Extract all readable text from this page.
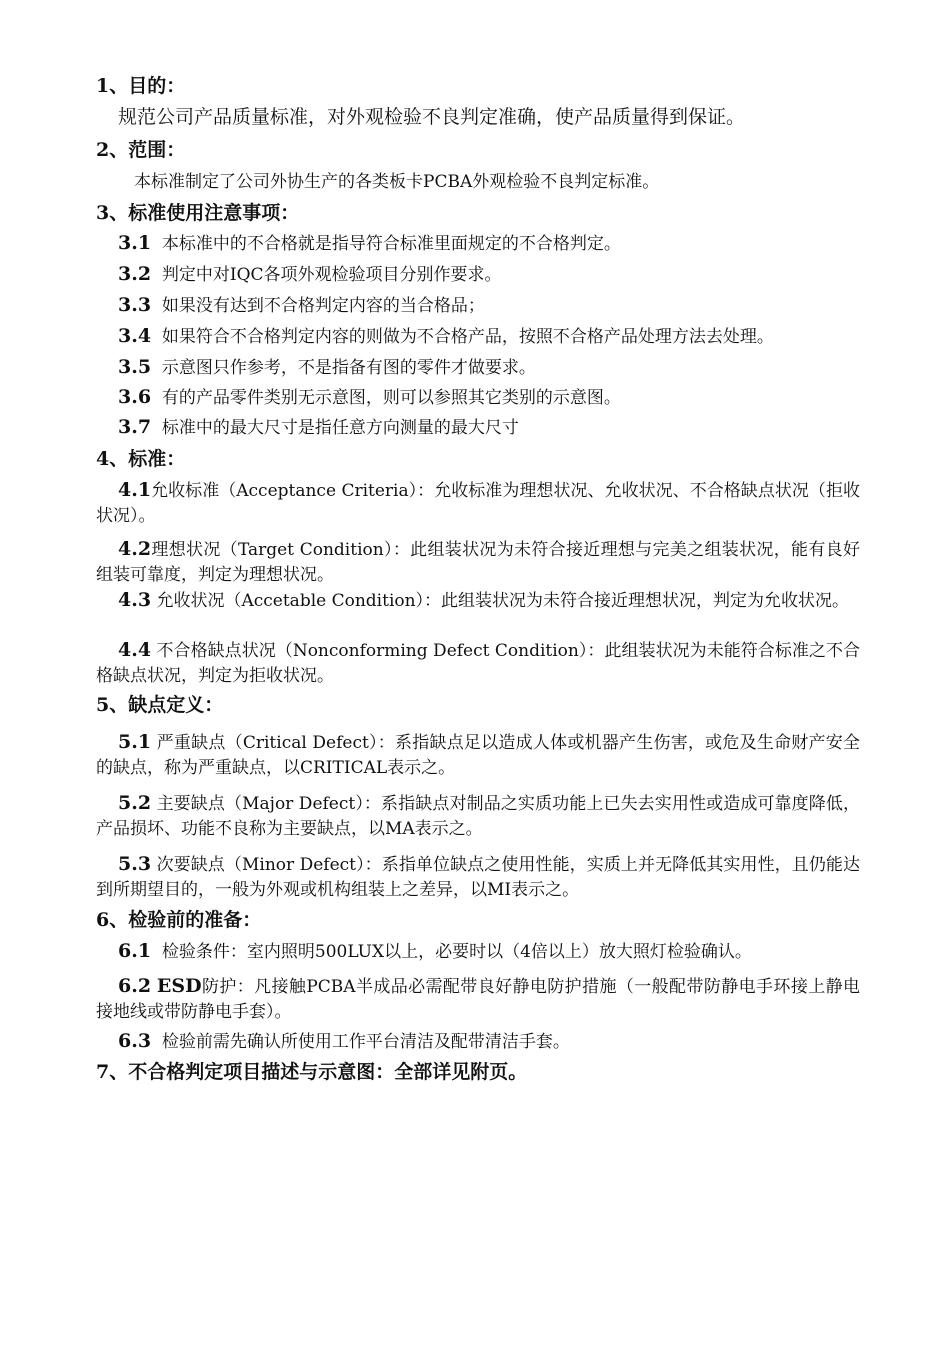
1、目的：
规范公司产品质量标准，对外观检验不良判定准确，使产品质量得到保证。
2、范围：
本标准制定了公司外协生产的各类板卡PCBA外观检验不良判定标准。
3、标准使用注意事项：
3.1 本标准中的不合格就是指导符合标准里面规定的不合格判定。
3.2 判定中对IQC各项外观检验项目分别作要求。
3.3 如果没有达到不合格判定内容的当合格品；
3.4 如果符合不合格判定内容的则做为不合格产品，按照不合格产品处理方法去处理。
3.5 示意图只作参考，不是指备有图的零件才做要求。
3.6 有的产品零件类别无示意图，则可以参照其它类别的示意图。
3.7 标准中的最大尺寸是指任意方向测量的最大尺寸
4、标准：
4.1允收标准（Acceptance Criteria）：允收标准为理想状况、允收状况、不合格缺点状况（拒收状况）。
4.2理想状况（Target Condition）：此组装状况为未符合接近理想与完美之组装状况，能有良好组装可靠度，判定为理想状况。
4.3 允收状况（Accetable Condition）：此组装状况为未符合接近理想状况，判定为允收状况。
4.4 不合格缺点状况（Nonconforming Defect Condition）：此组装状况为未能符合标准之不合格缺点状况，判定为拒收状况。
5、缺点定义：
5.1 严重缺点（Critical Defect）：系指缺点足以造成人体或机器产生伤害，或危及生命财产安全的缺点，称为严重缺点，以CRITICAL表示之。
5.2 主要缺点（Major Defect）：系指缺点对制品之实质功能上已失去实用性或造成可靠度降低，产品损坏、功能不良称为主要缺点，以MA表示之。
5.3 次要缺点（Minor Defect）：系指单位缺点之使用性能，实质上并无降低其实用性，且仍能达到所期望目的，一般为外观或机构组装上之差异，以MI表示之。
6、检验前的准备：
6.1 检验条件：室内照明500LUX以上，必要时以（4倍以上）放大照灯检验确认。
6.2 ESD防护：凡接触PCBA半成品必需配带良好静电防护措施（一般配带防静电手环接上静电接地线或带防静电手套）。
6.3 检验前需先确认所使用工作平台清洁及配带清洁手套。
7、不合格判定项目描述与示意图：全部详见附页。
